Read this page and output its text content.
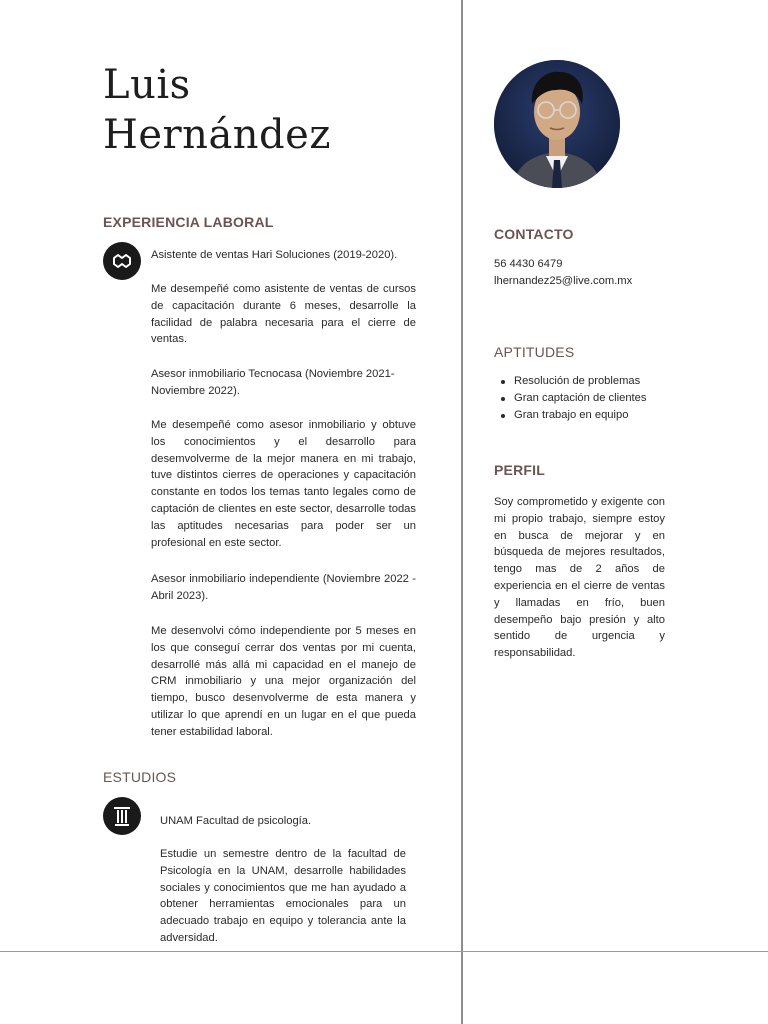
Luis
Hernández
EXPERIENCIA LABORAL

Asistente de ventas Hari Soluciones (2019-2020).

Me desempeñé como asistente de ventas de cursos de capacitación durante 6 meses, desarrolle la facilidad de palabra necesaria para el cierre de ventas.

Asesor inmobiliario Tecnocasa (Noviembre 2021- Noviembre 2022).

Me desempeñé como asesor inmobiliario y obtuve los conocimientos y el desarrollo para desemvolverme de la mejor manera en mi trabajo, tuve distintos cierres de operaciones y capacitación constante en todos los temas tanto legales como de captación de clientes en este sector, desarrolle todas las aptitudes necesarias para poder ser un profesional en este sector.

Asesor inmobiliario independiente (Noviembre 2022 - Abril 2023).

Me desenvolvi cómo independiente por 5 meses en los que conseguí cerrar dos ventas por mi cuenta, desarrollé más allá mi capacidad en el manejo de CRM inmobiliario y una mejor organización del tiempo, busco desenvolverme de esta manera y utilizar lo que aprendí en un lugar en el que pueda tener estabilidad laboral.

ESTUDIOS

UNAM Facultad de psicología.

Estudie un semestre dentro de la facultad de Psicología en la UNAM, desarrolle habilidades sociales y conocimientos que me han ayudado a obtener herramientas emocionales para un adecuado trabajo en equipo y tolerancia ante la adversidad.

CONTACTO
56 4430 6479
lhernandez25@live.com.mx
APTITUDES
Resolución de problemas
Gran captación de clientes
Gran trabajo en equipo
PERFIL

Soy comprometido y exigente con mi propio trabajo, siempre estoy en busca de mejorar y en búsqueda de mejores resultados, tengo mas de 2 años de experiencia en el cierre de ventas y llamadas en frío, buen desempeño bajo presión y alto sentido de urgencia y responsabilidad.
